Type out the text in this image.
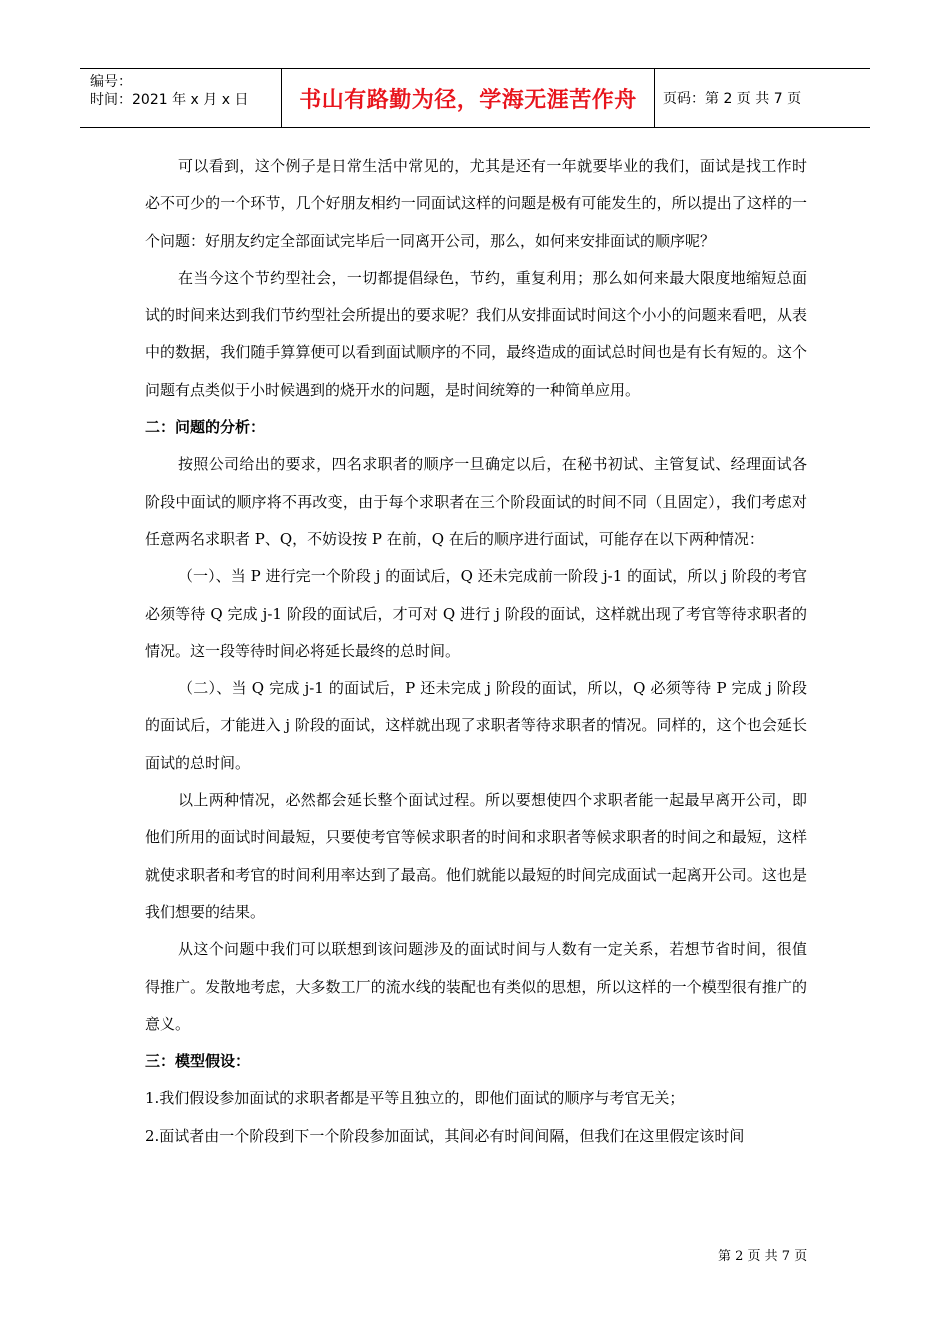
编号：
时间：2021 年 x 月 x 日	书山有路勤为径，学海无涯苦作舟	页码：第 2 页 共 7 页

可以看到，这个例子是日常生活中常见的，尤其是还有一年就要毕业的我们，面试是找工作时必不可少的一个环节，几个好朋友相约一同面试这样的问题是极有可能发生的，所以提出了这样的一个问题：好朋友约定全部面试完毕后一同离开公司，那么，如何来安排面试的顺序呢？

在当今这个节约型社会，一切都提倡绿色，节约，重复利用；那么如何来最大限度地缩短总面试的时间来达到我们节约型社会所提出的要求呢？我们从安排面试时间这个小小的问题来看吧，从表中的数据，我们随手算算便可以看到面试顺序的不同，最终造成的面试总时间也是有长有短的。这个问题有点类似于小时候遇到的烧开水的问题，是时间统筹的一种简单应用。

二：问题的分析：

按照公司给出的要求，四名求职者的顺序一旦确定以后，在秘书初试、主管复试、经理面试各阶段中面试的顺序将不再改变，由于每个求职者在三个阶段面试的时间不同（且固定），我们考虑对任意两名求职者 P、Q，不妨设按 P 在前，Q 在后的顺序进行面试，可能存在以下两种情况：

（一）、当 P 进行完一个阶段 j 的面试后，Q 还未完成前一阶段 j-1 的面试，所以 j 阶段的考官必须等待 Q 完成 j-1 阶段的面试后，才可对 Q 进行 j 阶段的面试，这样就出现了考官等待求职者的情况。这一段等待时间必将延长最终的总时间。

（二）、当 Q 完成 j-1 的面试后，P 还未完成 j 阶段的面试，所以，Q 必须等待 P 完成 j 阶段的面试后，才能进入 j 阶段的面试，这样就出现了求职者等待求职者的情况。同样的，这个也会延长面试的总时间。

以上两种情况，必然都会延长整个面试过程。所以要想使四个求职者能一起最早离开公司，即他们所用的面试时间最短，只要使考官等候求职者的时间和求职者等候求职者的时间之和最短，这样就使求职者和考官的时间利用率达到了最高。他们就能以最短的时间完成面试一起离开公司。这也是我们想要的结果。

从这个问题中我们可以联想到该问题涉及的面试时间与人数有一定关系，若想节省时间，很值得推广。发散地考虑，大多数工厂的流水线的装配也有类似的思想，所以这样的一个模型很有推广的意义。

三：模型假设：

1.我们假设参加面试的求职者都是平等且独立的，即他们面试的顺序与考官无关；

2.面试者由一个阶段到下一个阶段参加面试，其间必有时间间隔，但我们在这里假定该时间

第 2 页 共 7 页
